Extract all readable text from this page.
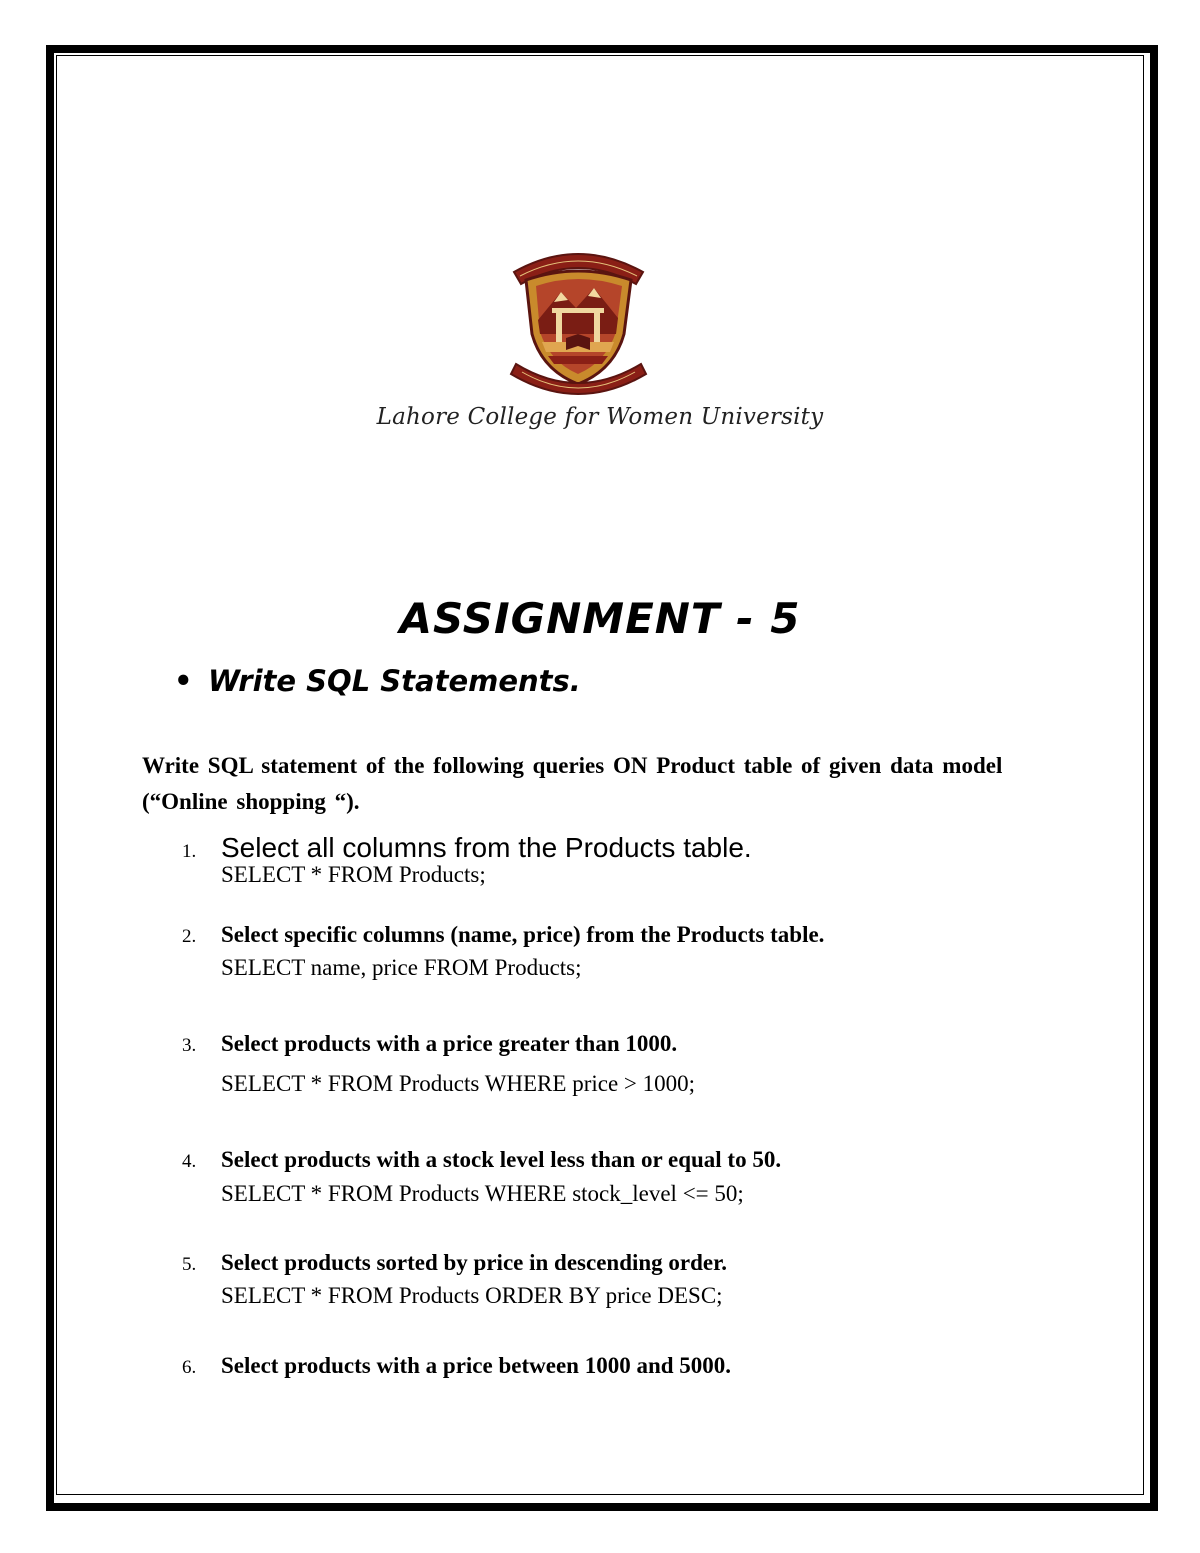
Lahore College for Women University
ASSIGNMENT - 5
• Write SQL Statements.
Write SQL statement of the following queries ON Product table of given data model (“Online shopping “).
1. Select all columns from the Products table.
SELECT * FROM Products;
2.	Select specific columns (name, price) from the Products table.
SELECT name, price FROM Products;
3.	Select products with a price greater than 1000.
SELECT * FROM Products WHERE price > 1000;
4.	Select products with a stock level less than or equal to 50.
SELECT * FROM Products WHERE stock_level <= 50;
5.	Select products sorted by price in descending order.
SELECT * FROM Products ORDER BY price DESC;
6.	Select products with a price between 1000 and 5000.
